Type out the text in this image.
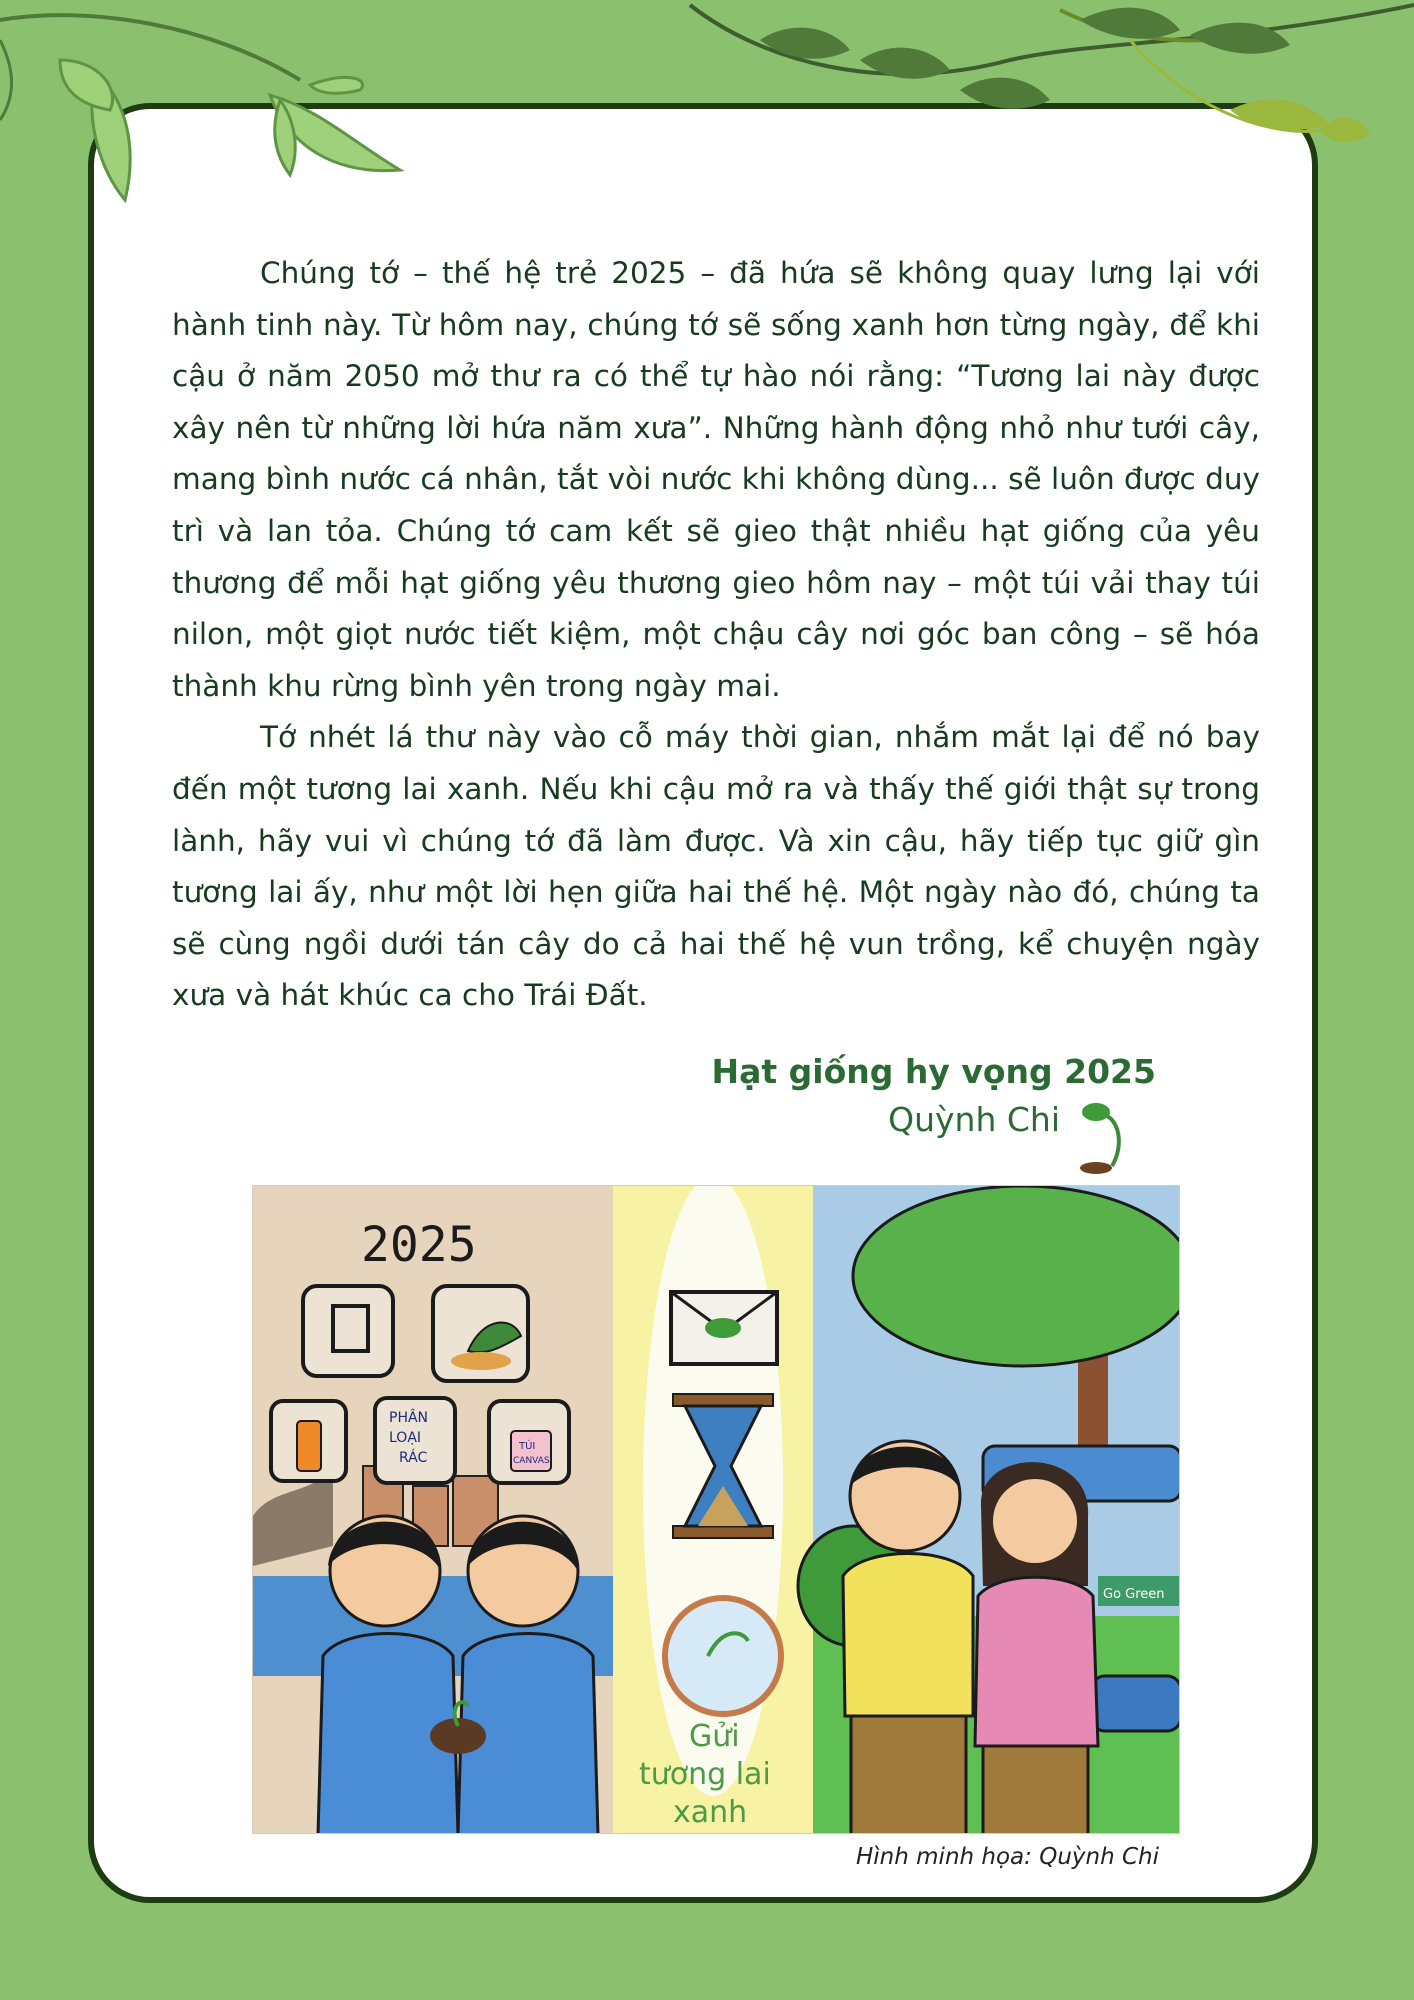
Chúng tớ – thế hệ trẻ 2025 – đã hứa sẽ không quay lưng lại với hành tinh này. Từ hôm nay, chúng tớ sẽ sống xanh hơn từng ngày, để khi cậu ở năm 2050 mở thư ra có thể tự hào nói rằng: “Tương lai này được xây nên từ những lời hứa năm xưa”. Những hành động nhỏ như tưới cây, mang bình nước cá nhân, tắt vòi nước khi không dùng... sẽ luôn được duy trì và lan tỏa. Chúng tớ cam kết sẽ gieo thật nhiều hạt giống của yêu thương để mỗi hạt giống yêu thương gieo hôm nay – một túi vải thay túi nilon, một giọt nước tiết kiệm, một chậu cây nơi góc ban công – sẽ hóa thành khu rừng bình yên trong ngày mai.

Tớ nhét lá thư này vào cỗ máy thời gian, nhắm mắt lại để nó bay đến một tương lai xanh. Nếu khi cậu mở ra và thấy thế giới thật sự trong lành, hãy vui vì chúng tớ đã làm được. Và xin cậu, hãy tiếp tục giữ gìn tương lai ấy, như một lời hẹn giữa hai thế hệ. Một ngày nào đó, chúng ta sẽ cùng ngồi dưới tán cây do cả hai thế hệ vun trồng, kể chuyện ngày xưa và hát khúc ca cho Trái Đất.

Hạt giống hy vọng 2025
Quỳnh Chi
2025
PHÂN
LOẠI
RÁC
TÚI
CANVAS
Gửi
tương lai
xanh
Go Green
Hình minh họa: Quỳnh Chi
